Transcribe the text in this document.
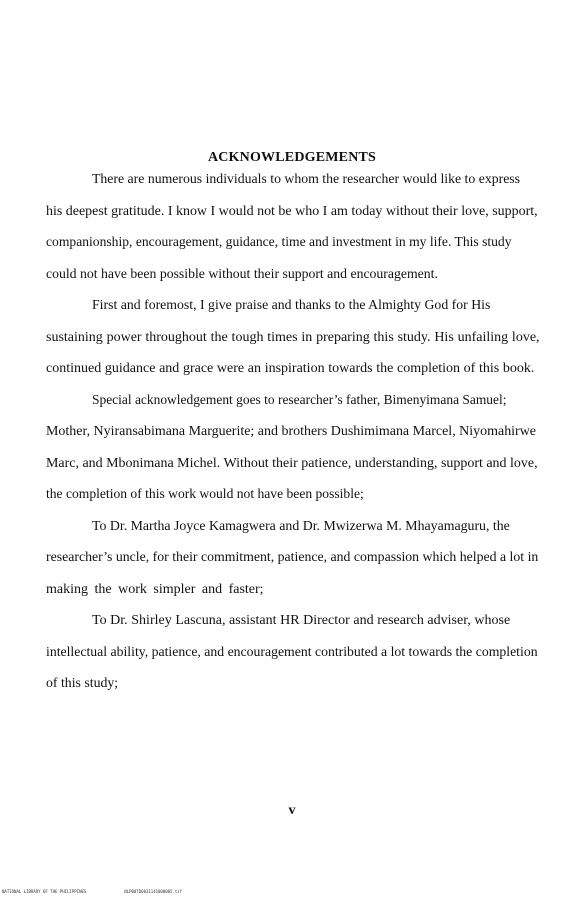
ACKNOWLEDGEMENTS
There are numerous individuals to whom the researcher would like to express
his deepest gratitude. I know I would not be who I am today without their love, support,
companionship, encouragement, guidance, time and investment in my life. This study
could not have been possible without their support and encouragement.
First and foremost, I give praise and thanks to the Almighty God for His
sustaining power throughout the tough times in preparing this study. His unfailing love,
continued guidance and grace were an inspiration towards the completion of this book.
Special acknowledgement goes to researcher’s father, Bimenyimana Samuel;
Mother, Nyiransabimana Marguerite; and brothers Dushimimana Marcel, Niyomahirwe
Marc, and Mbonimana Michel. Without their patience, understanding, support and love,
the completion of this work would not have been possible;
To Dr. Martha Joyce Kamagwera and Dr. Mwizerwa M. Mhayamaguru, the
researcher’s uncle, for their commitment, patience, and compassion which helped a lot in
making the work simpler and faster;
To Dr. Shirley Lascuna, assistant HR Director and research adviser, whose
intellectual ability, patience, and encouragement contributed a lot towards the completion
of this study;
v
NATIONAL LIBRARY OF THE PHILIPPINES	NLP00TD0031141000005.tif
